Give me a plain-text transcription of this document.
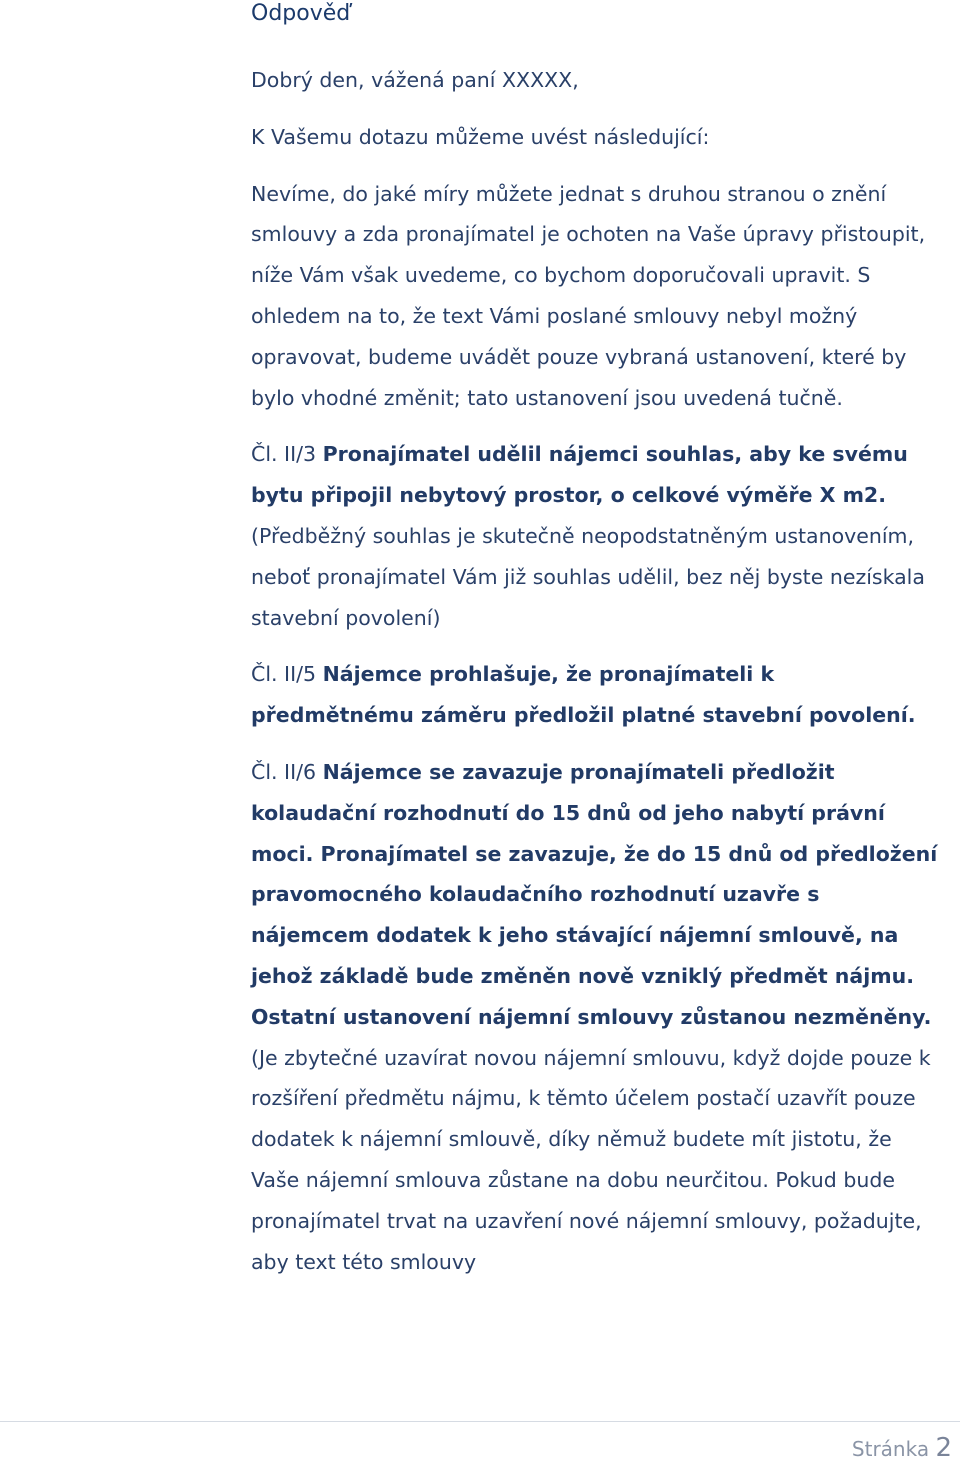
Odpověď

Dobrý den, vážená paní XXXXX,

K Vašemu dotazu můžeme uvést následující:

Nevíme, do jaké míry můžete jednat s druhou stranou o znění smlouvy a zda pronajímatel je ochoten na Vaše úpravy přistoupit, níže Vám však uvedeme, co bychom doporučovali upravit. S ohledem na to, že text Vámi poslané smlouvy nebyl možný opravovat, budeme uvádět pouze vybraná ustanovení, které by bylo vhodné změnit; tato ustanovení jsou uvedená tučně.

Čl. II/3 Pronajímatel udělil nájemci souhlas, aby ke svému bytu připojil nebytový prostor, o celkové výměře X m2. (Předběžný souhlas je skutečně neopodstatněným ustanovením, neboť pronajímatel Vám již souhlas udělil, bez něj byste nezískala stavební povolení)

Čl. II/5 Nájemce prohlašuje, že pronajímateli k předmětnému záměru předložil platné stavební povolení.

Čl. II/6 Nájemce se zavazuje pronajímateli předložit kolaudační rozhodnutí do 15 dnů od jeho nabytí právní moci. Pronajímatel se zavazuje, že do 15 dnů od předložení pravomocného kolaudačního rozhodnutí uzavře s nájemcem dodatek k jeho stávající nájemní smlouvě, na jehož základě bude změněn nově vzniklý předmět nájmu. Ostatní ustanovení nájemní smlouvy zůstanou nezměněny. (Je zbytečné uzavírat novou nájemní smlouvu, když dojde pouze k rozšíření předmětu nájmu, k těmto účelem postačí uzavřít pouze dodatek k nájemní smlouvě, díky němuž budete mít jistotu, že Vaše nájemní smlouva zůstane na dobu neurčitou. Pokud bude pronajímatel trvat na uzavření nové nájemní smlouvy, požadujte, aby text této smlouvy

Stránka 2
